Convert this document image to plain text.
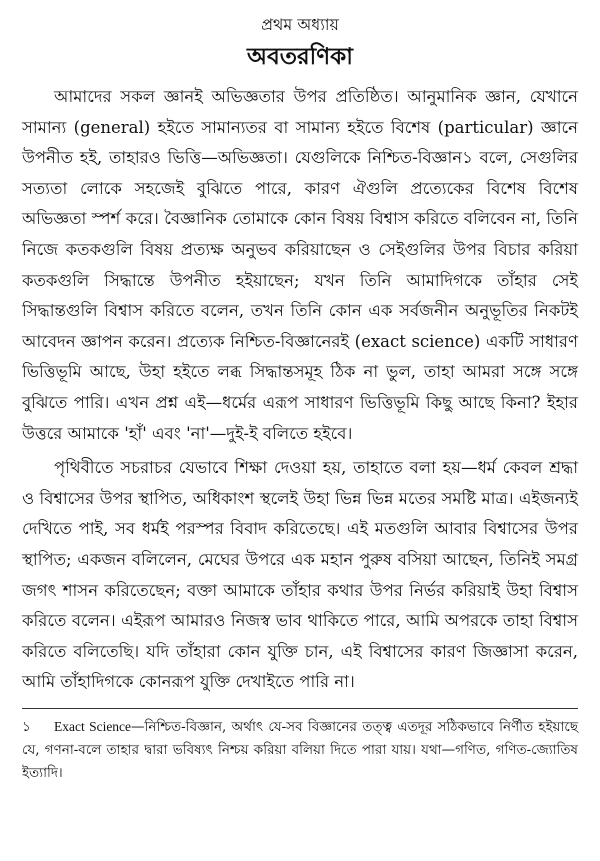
প্রথম অধ্যায়
অবতরণিকা

আমাদের সকল জ্ঞানই অভিজ্ঞতার উপর প্রতিষ্ঠিত। আনুমানিক জ্ঞান, যেখানে সামান্য (general) হইতে সামান্যতর বা সামান্য হইতে বিশেষ (particular) জ্ঞানে উপনীত হই, তাহারও ভিত্তি—অভিজ্ঞতা। যেগুলিকে নিশ্চিত-বিজ্ঞান১ বলে, সেগুলির সত্যতা লোকে সহজেই বুঝিতে পারে, কারণ ঐগুলি প্রত্যেকের বিশেষ বিশেষ অভিজ্ঞতা স্পর্শ করে। বৈজ্ঞানিক তোমাকে কোন বিষয় বিশ্বাস করিতে বলিবেন না, তিনি নিজে কতকগুলি বিষয় প্রত্যক্ষ অনুভব করিয়াছেন ও সেইগুলির উপর বিচার করিয়া কতকগুলি সিদ্ধান্তে উপনীত হইয়াছেন; যখন তিনি আমাদিগকে তাঁহার সেই সিদ্ধান্তগুলি বিশ্বাস করিতে বলেন, তখন তিনি কোন এক সর্বজনীন অনুভূতির নিকটই আবেদন জ্ঞাপন করেন। প্রত্যেক নিশ্চিত-বিজ্ঞানেরই (exact science) একটি সাধারণ ভিত্তিভূমি আছে, উহা হইতে লব্ধ সিদ্ধান্তসমূহ ঠিক না ভুল, তাহা আমরা সঙ্গে সঙ্গে বুঝিতে পারি। এখন প্রশ্ন এই—ধর্মের এরূপ সাধারণ ভিত্তিভূমি কিছু আছে কিনা? ইহার উত্তরে আমাকে 'হাঁ' এবং 'না'—দুই-ই বলিতে হইবে।

পৃথিবীতে সচরাচর যেভাবে শিক্ষা দেওয়া হয়, তাহাতে বলা হয়—ধর্ম কেবল শ্রদ্ধা ও বিশ্বাসের উপর স্থাপিত, অধিকাংশ স্থলেই উহা ভিন্ন ভিন্ন মতের সমষ্টি মাত্র। এইজন্যই দেখিতে পাই, সব ধর্মই পরস্পর বিবাদ করিতেছে। এই মতগুলি আবার বিশ্বাসের উপর স্থাপিত; একজন বলিলেন, মেঘের উপরে এক মহান পুরুষ বসিয়া আছেন, তিনিই সমগ্র জগৎ শাসন করিতেছেন; বক্তা আমাকে তাঁহার কথার উপর নির্ভর করিয়াই উহা বিশ্বাস করিতে বলেন। এইরূপ আমারও নিজস্ব ভাব থাকিতে পারে, আমি অপরকে তাহা বিশ্বাস করিতে বলিতেছি। যদি তাঁহারা কোন যুক্তি চান, এই বিশ্বাসের কারণ জিজ্ঞাসা করেন, আমি তাঁহাদিগকে কোনরূপ যুক্তি দেখাইতে পারি না।

১ Exact Science—নিশ্চিত-বিজ্ঞান, অর্থাৎ যে-সব বিজ্ঞানের তত্ত্ব এতদূর সঠিকভাবে নির্ণীত হইয়াছে যে, গণনা-বলে তাহার দ্বারা ভবিষ্যৎ নিশ্চয় করিয়া বলিয়া দিতে পারা যায়। যথা—গণিত, গণিত-জ্যোতিষ ইত্যাদি।
